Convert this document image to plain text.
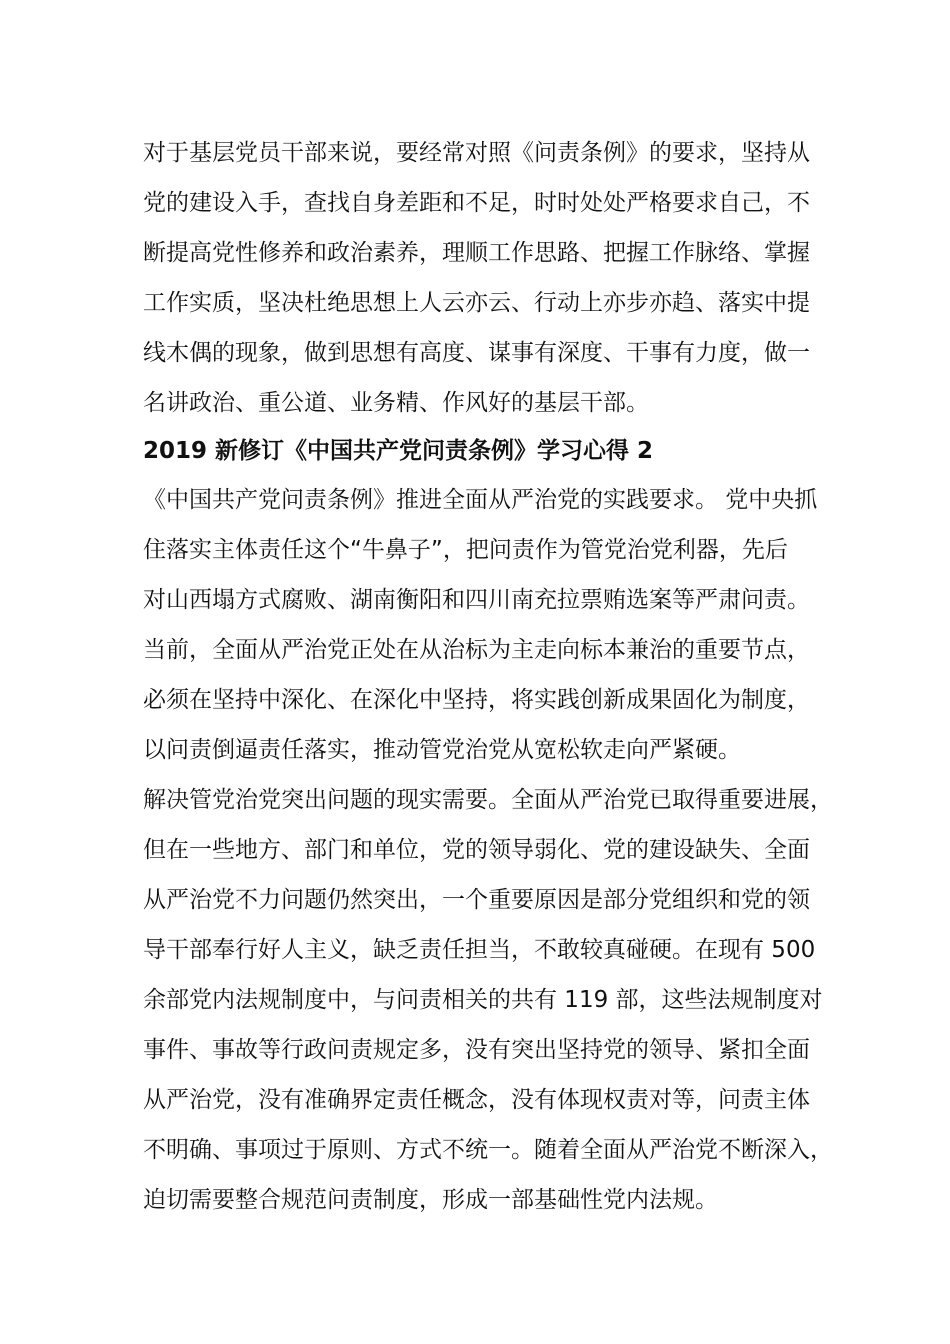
对于基层党员干部来说，要经常对照《问责条例》的要求，坚持从
党的建设入手，查找自身差距和不足，时时处处严格要求自己，不
断提高党性修养和政治素养，理顺工作思路、把握工作脉络、掌握
工作实质，坚决杜绝思想上人云亦云、行动上亦步亦趋、落实中提
线木偶的现象，做到思想有高度、谋事有深度、干事有力度，做一
名讲政治、重公道、业务精、作风好的基层干部。
2019 新修订《中国共产党问责条例》学习心得 2
《中国共产党问责条例》推进全面从严治党的实践要求。 党中央抓
住落实主体责任这个“牛鼻子”，把问责作为管党治党利器，先后
对山西塌方式腐败、湖南衡阳和四川南充拉票贿选案等严肃问责。
当前，全面从严治党正处在从治标为主走向标本兼治的重要节点，
必须在坚持中深化、在深化中坚持，将实践创新成果固化为制度，
以问责倒逼责任落实，推动管党治党从宽松软走向严紧硬。
解决管党治党突出问题的现实需要。全面从严治党已取得重要进展，
但在一些地方、部门和单位，党的领导弱化、党的建设缺失、全面
从严治党不力问题仍然突出，一个重要原因是部分党组织和党的领
导干部奉行好人主义，缺乏责任担当，不敢较真碰硬。在现有 500
余部党内法规制度中，与问责相关的共有 119 部，这些法规制度对
事件、事故等行政问责规定多，没有突出坚持党的领导、紧扣全面
从严治党，没有准确界定责任概念，没有体现权责对等，问责主体
不明确、事项过于原则、方式不统一。随着全面从严治党不断深入，
迫切需要整合规范问责制度，形成一部基础性党内法规。
